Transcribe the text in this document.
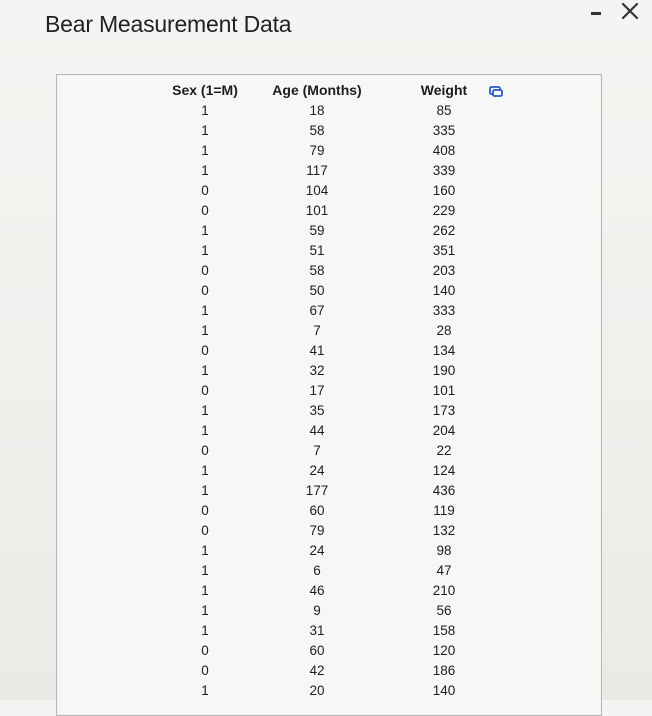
Bear Measurement Data
Sex (1=M)	Age (Months)	Weight
1	18	85
1	58	335
1	79	408
1	117	339
0	104	160
0	101	229
1	59	262
1	51	351
0	58	203
0	50	140
1	67	333
1	7	28
0	41	134
1	32	190
0	17	101
1	35	173
1	44	204
0	7	22
1	24	124
1	177	436
0	60	119
0	79	132
1	24	98
1	6	47
1	46	210
1	9	56
1	31	158
0	60	120
0	42	186
1	20	140
